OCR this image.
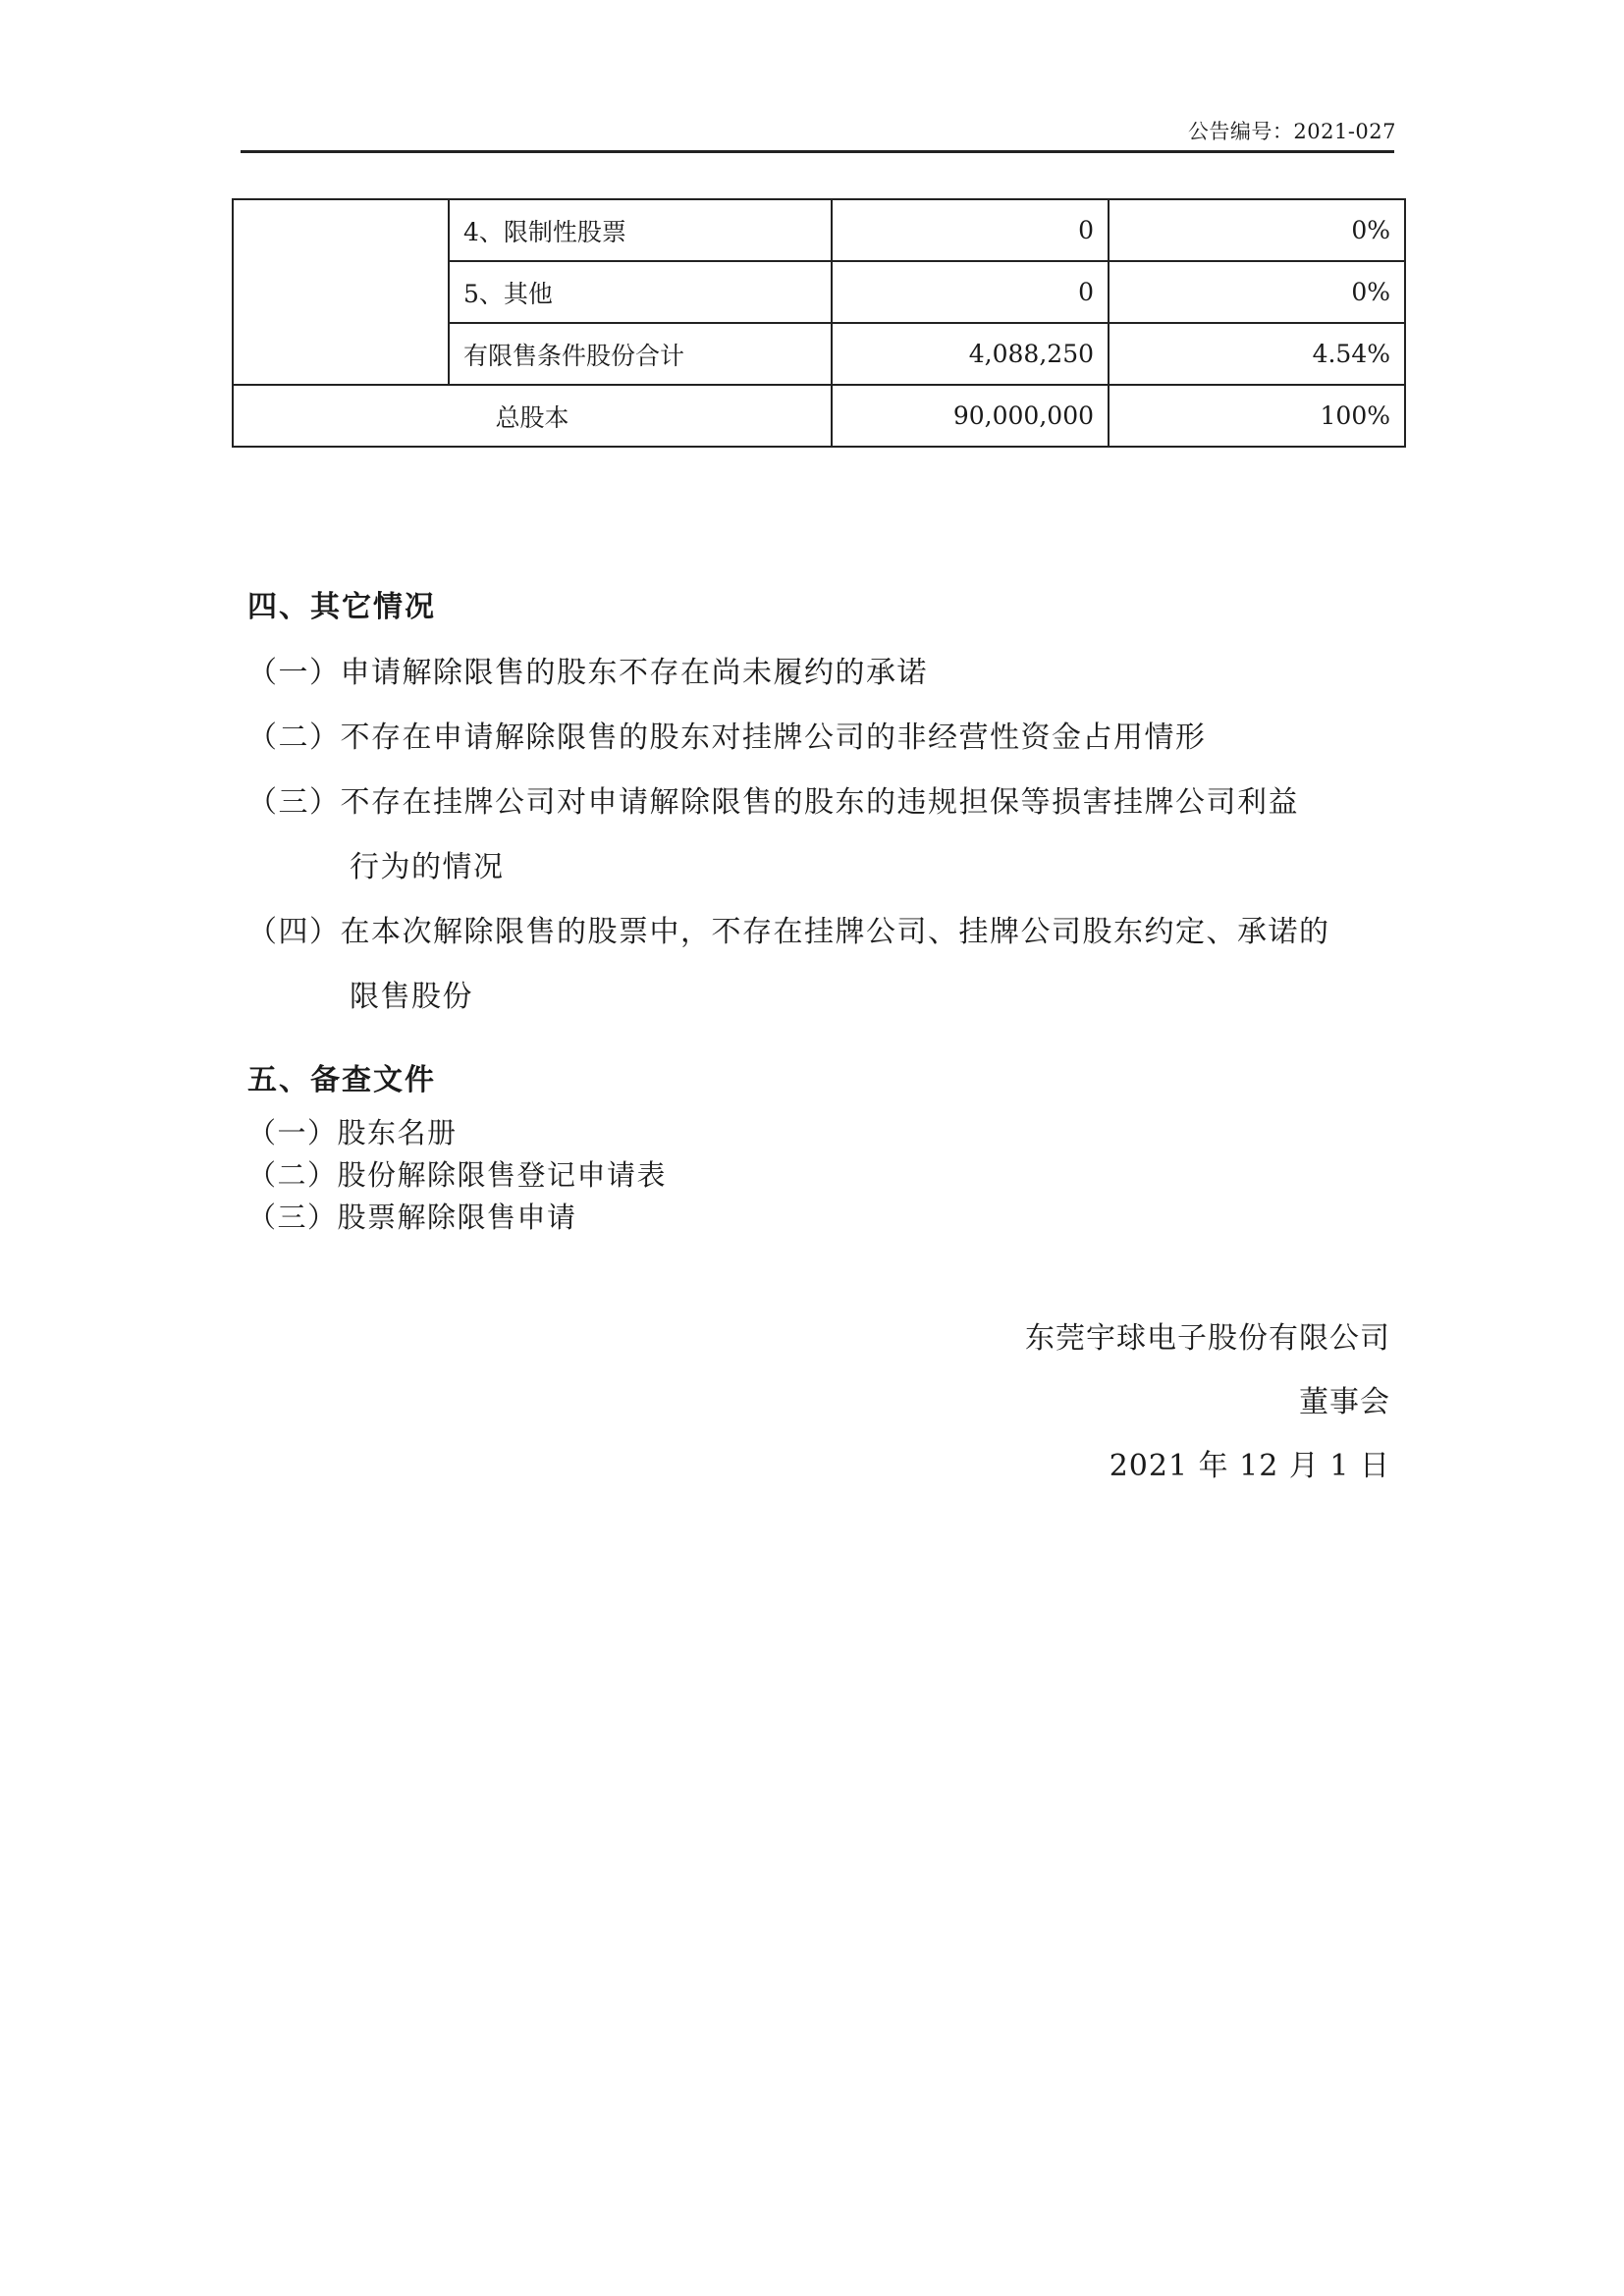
公告编号：2021-027
	4、限制性股票	0	0%
	5、其他	0	0%
	有限售条件股份合计	4,088,250	4.54%
总股本		90,000,000	100%
四、其它情况
（一）申请解除限售的股东不存在尚未履约的承诺
（二）不存在申请解除限售的股东对挂牌公司的非经营性资金占用情形
（三）不存在挂牌公司对申请解除限售的股东的违规担保等损害挂牌公司利益
行为的情况
（四）在本次解除限售的股票中，不存在挂牌公司、挂牌公司股东约定、承诺的
限售股份
五、备查文件
（一）股东名册
（二）股份解除限售登记申请表
（三）股票解除限售申请
东莞宇球电子股份有限公司
董事会
2021 年 12 月 1 日
